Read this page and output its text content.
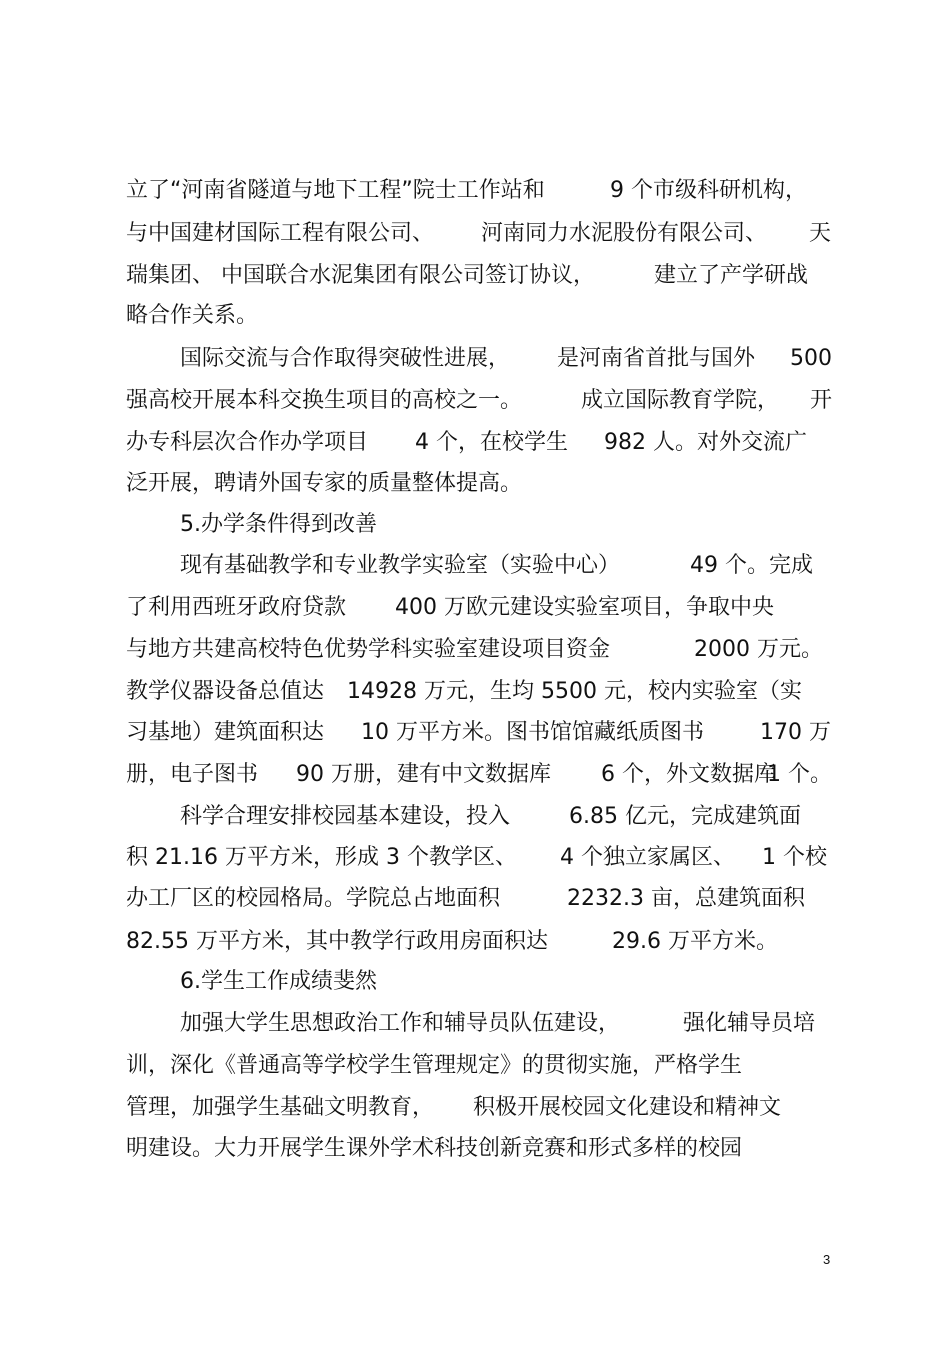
立了“河南省隧道与地下工程”院士工作站和	9 个市级科研机构，
与中国建材国际工程有限公司、 河南同力水泥股份有限公司、 天
瑞集团、 中国联合水泥集团有限公司签订协议，	建立了产学研战
略合作关系。
国际交流与合作取得突破性进展， 是河南省首批与国外 500
强高校开展本科交换生项目的高校之一。	成立国际教育学院， 开
办专科层次合作办学项目 4 个，在校学生 982 人。对外交流广
泛开展，聘请外国专家的质量整体提高。
5.办学条件得到改善
现有基础教学和专业教学实验室（实验中心）	49 个。完成
了利用西班牙政府贷款 400 万欧元建设实验室项目，争取中央
与地方共建高校特色优势学科实验室建设项目资金	2000 万元。
教学仪器设备总值达 14928 万元，生均 5500 元，校内实验室（实
习基地）建筑面积达 10 万平方米。图书馆馆藏纸质图书	170 万
册，电子图书 90 万册，建有中文数据库 6 个，外文数据库
1 个。
科学合理安排校园基本建设，投入	6.85 亿元，完成建筑面
积 21.16 万平方米，形成 3 个教学区、 4 个独立家属区、 1 个校
办工厂区的校园格局。学院总占地面积	2232.3 亩，总建筑面积
82.55 万平方米，其中教学行政用房面积达	29.6 万平方米。
6.学生工作成绩斐然
加强大学生思想政治工作和辅导员队伍建设，	强化辅导员培
训，深化《普通高等学校学生管理规定》的贯彻实施，严格学生
管理，加强学生基础文明教育， 积极开展校园文化建设和精神文
明建设。大力开展学生课外学术科技创新竞赛和形式多样的校园
3
